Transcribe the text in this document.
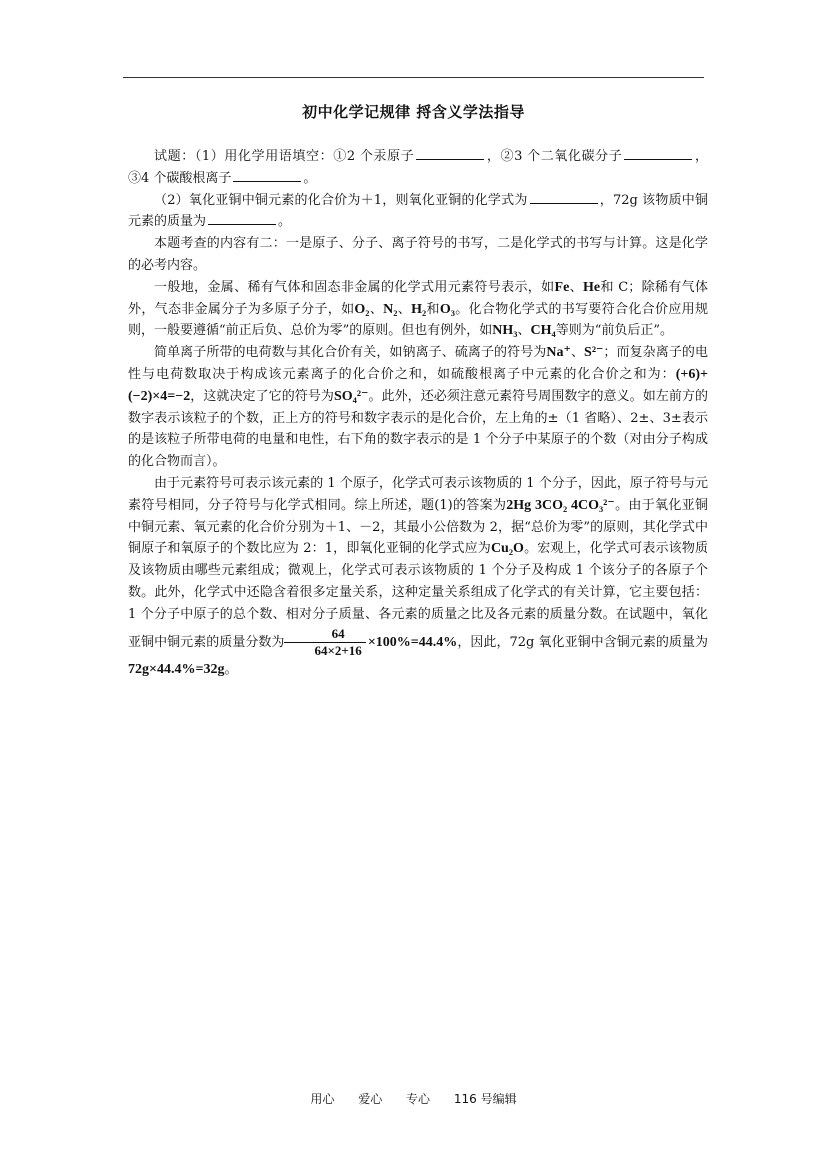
初中化学记规律 捋含义学法指导

试题：（1）用化学用语填空：①2 个汞原子	，②3 个二氧化碳分子	，③4 个碳酸根离子	。

（2）氧化亚铜中铜元素的化合价为＋1，则氧化亚铜的化学式为	，72g 该物质中铜元素的质量为	。

本题考查的内容有二：一是原子、分子、离子符号的书写，二是化学式的书写与计算。这是化学的必考内容。

一般地，金属、稀有气体和固态非金属的化学式用元素符号表示，如Fe、He和 C；除稀有气体外，气态非金属分子为多原子分子，如O₂、N₂、H₂和O₃。化合物化学式的书写要符合化合价应用规则，一般要遵循“前正后负、总价为零”的原则。但也有例外，如NH₃、CH₄等则为“前负后正”。

简单离子所带的电荷数与其化合价有关，如钠离子、硫离子的符号为Na⁺、S²⁻；而复杂离子的电性与电荷数取决于构成该元素离子的化合价之和，如硫酸根离子中元素的化合价之和为：(+6)+(−2)×4=−2，这就决定了它的符号为SO₄²⁻。此外，还必须注意元素符号周围数字的意义。如左前方的数字表示该粒子的个数，正上方的符号和数字表示的是化合价，左上角的±（1 省略）、2±、3±表示的是该粒子所带电荷的电量和电性，右下角的数字表示的是 1 个分子中某原子的个数（对由分子构成的化合物而言）。

由于元素符号可表示该元素的 1 个原子，化学式可表示该物质的 1 个分子，因此，原子符号与元素符号相同，分子符号与化学式相同。综上所述，题(1)的答案为2Hg 3CO₂ 4CO₃²⁻。由于氧化亚铜中铜元素、氧元素的化合价分别为＋1、－2，其最小公倍数为 2，据“总价为零”的原则，其化学式中铜原子和氧原子的个数比应为 2：1，即氧化亚铜的化学式应为Cu₂O。宏观上，化学式可表示该物质及该物质由哪些元素组成；微观上，化学式可表示该物质的 1 个分子及构成 1 个该分子的各原子个数。此外，化学式中还隐含着很多定量关系，这种定量关系组成了化学式的有关计算，它主要包括：1 个分子中原子的总个数、相对分子质量、各元素的质量之比及各元素的质量分数。在试题中，氧化亚铜中铜元素的质量分数为 $\frac{64}{64\times 2+16} \times 100\%=44.4\%$，因此，72g 氧化亚铜中含铜元素的质量为72g×44.4%=32g。

用心 爱心 专心 116 号编辑
